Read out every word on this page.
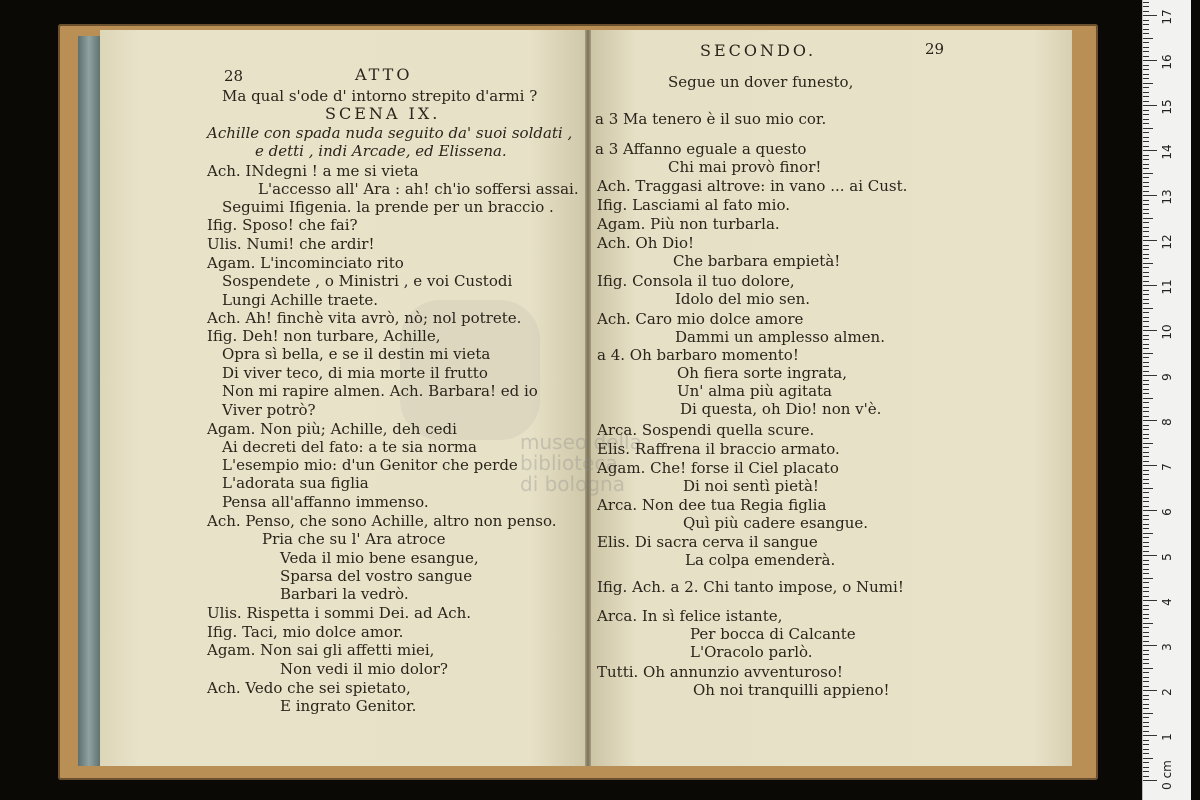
museo della
biblioteca
di bologna
28	ATTO
Ma qual s'ode d' intorno strepito d'armi ?
SCENA IX.
Achille con spada nuda seguito da' suoi soldati ,
e detti , indi Arcade, ed Elissena.
Ach. INdegni ! a me si vieta
L'accesso all' Ara : ah! ch'io soffersi assai.
Seguimi Ifigenia. la prende per un braccio .
Ifig. Sposo! che fai?
Ulis. Numi! che ardir!
Agam. L'incominciato rito
Sospendete , o Ministri , e voi Custodi
Lungi Achille traete.
Ach. Ah! finchè vita avrò, nò; nol potrete.
Ifig. Deh! non turbare, Achille,
Opra sì bella, e se il destin mi vieta
Di viver teco, di mia morte il frutto
Non mi rapire almen. Ach. Barbara! ed io
Viver potrò?
Agam. Non più; Achille, deh cedi
Ai decreti del fato: a te sia norma
L'esempio mio: d'un Genitor che perde
L'adorata sua figlia
Pensa all'affanno immenso.
Ach. Penso, che sono Achille, altro non penso.
Pria che su l' Ara atroce
Veda il mio bene esangue,
Sparsa del vostro sangue
Barbari la vedrò.
Ulis. Rispetta i sommi Dei. ad Ach.
Ifig. Taci, mio dolce amor.
Agam. Non sai gli affetti miei,
Non vedi il mio dolor?
Ach. Vedo che sei spietato,
E ingrato Genitor.
SECONDO.	29
Segue un dover funesto,
a 3 Ma tenero è il suo mio cor.
a 3 Affanno eguale a questo
Chi mai provò finor!
Ach. Traggasi altrove: in vano ... ai Cust.
Ifig. Lasciami al fato mio.
Agam. Più non turbarla.
Ach. Oh Dio!
Che barbara empietà!
Ifig. Consola il tuo dolore,
Idolo del mio sen.
Ach. Caro mio dolce amore
Dammi un amplesso almen.
a 4. Oh barbaro momento!
Oh fiera sorte ingrata,
Un' alma più agitata
Di questa, oh Dio! non v'è.
Arca. Sospendi quella scure.
Elis. Raffrena il braccio armato.
Agam. Che! forse il Ciel placato
Di noi sentì pietà!
Arca. Non dee tua Regia figlia
Quì più cadere esangue.
Elis. Di sacra cerva il sangue
La colpa emenderà.
Ifig. Ach. a 2. Chi tanto impose, o Numi!
Arca. In sì felice istante,
Per bocca di Calcante
L'Oracolo parlò.
Tutti. Oh annunzio avventuroso!
Oh noi tranquilli appieno!
0 cm
1
2
3
4
5
6
7
8
9
10
11
12
13
14
15
16
17
